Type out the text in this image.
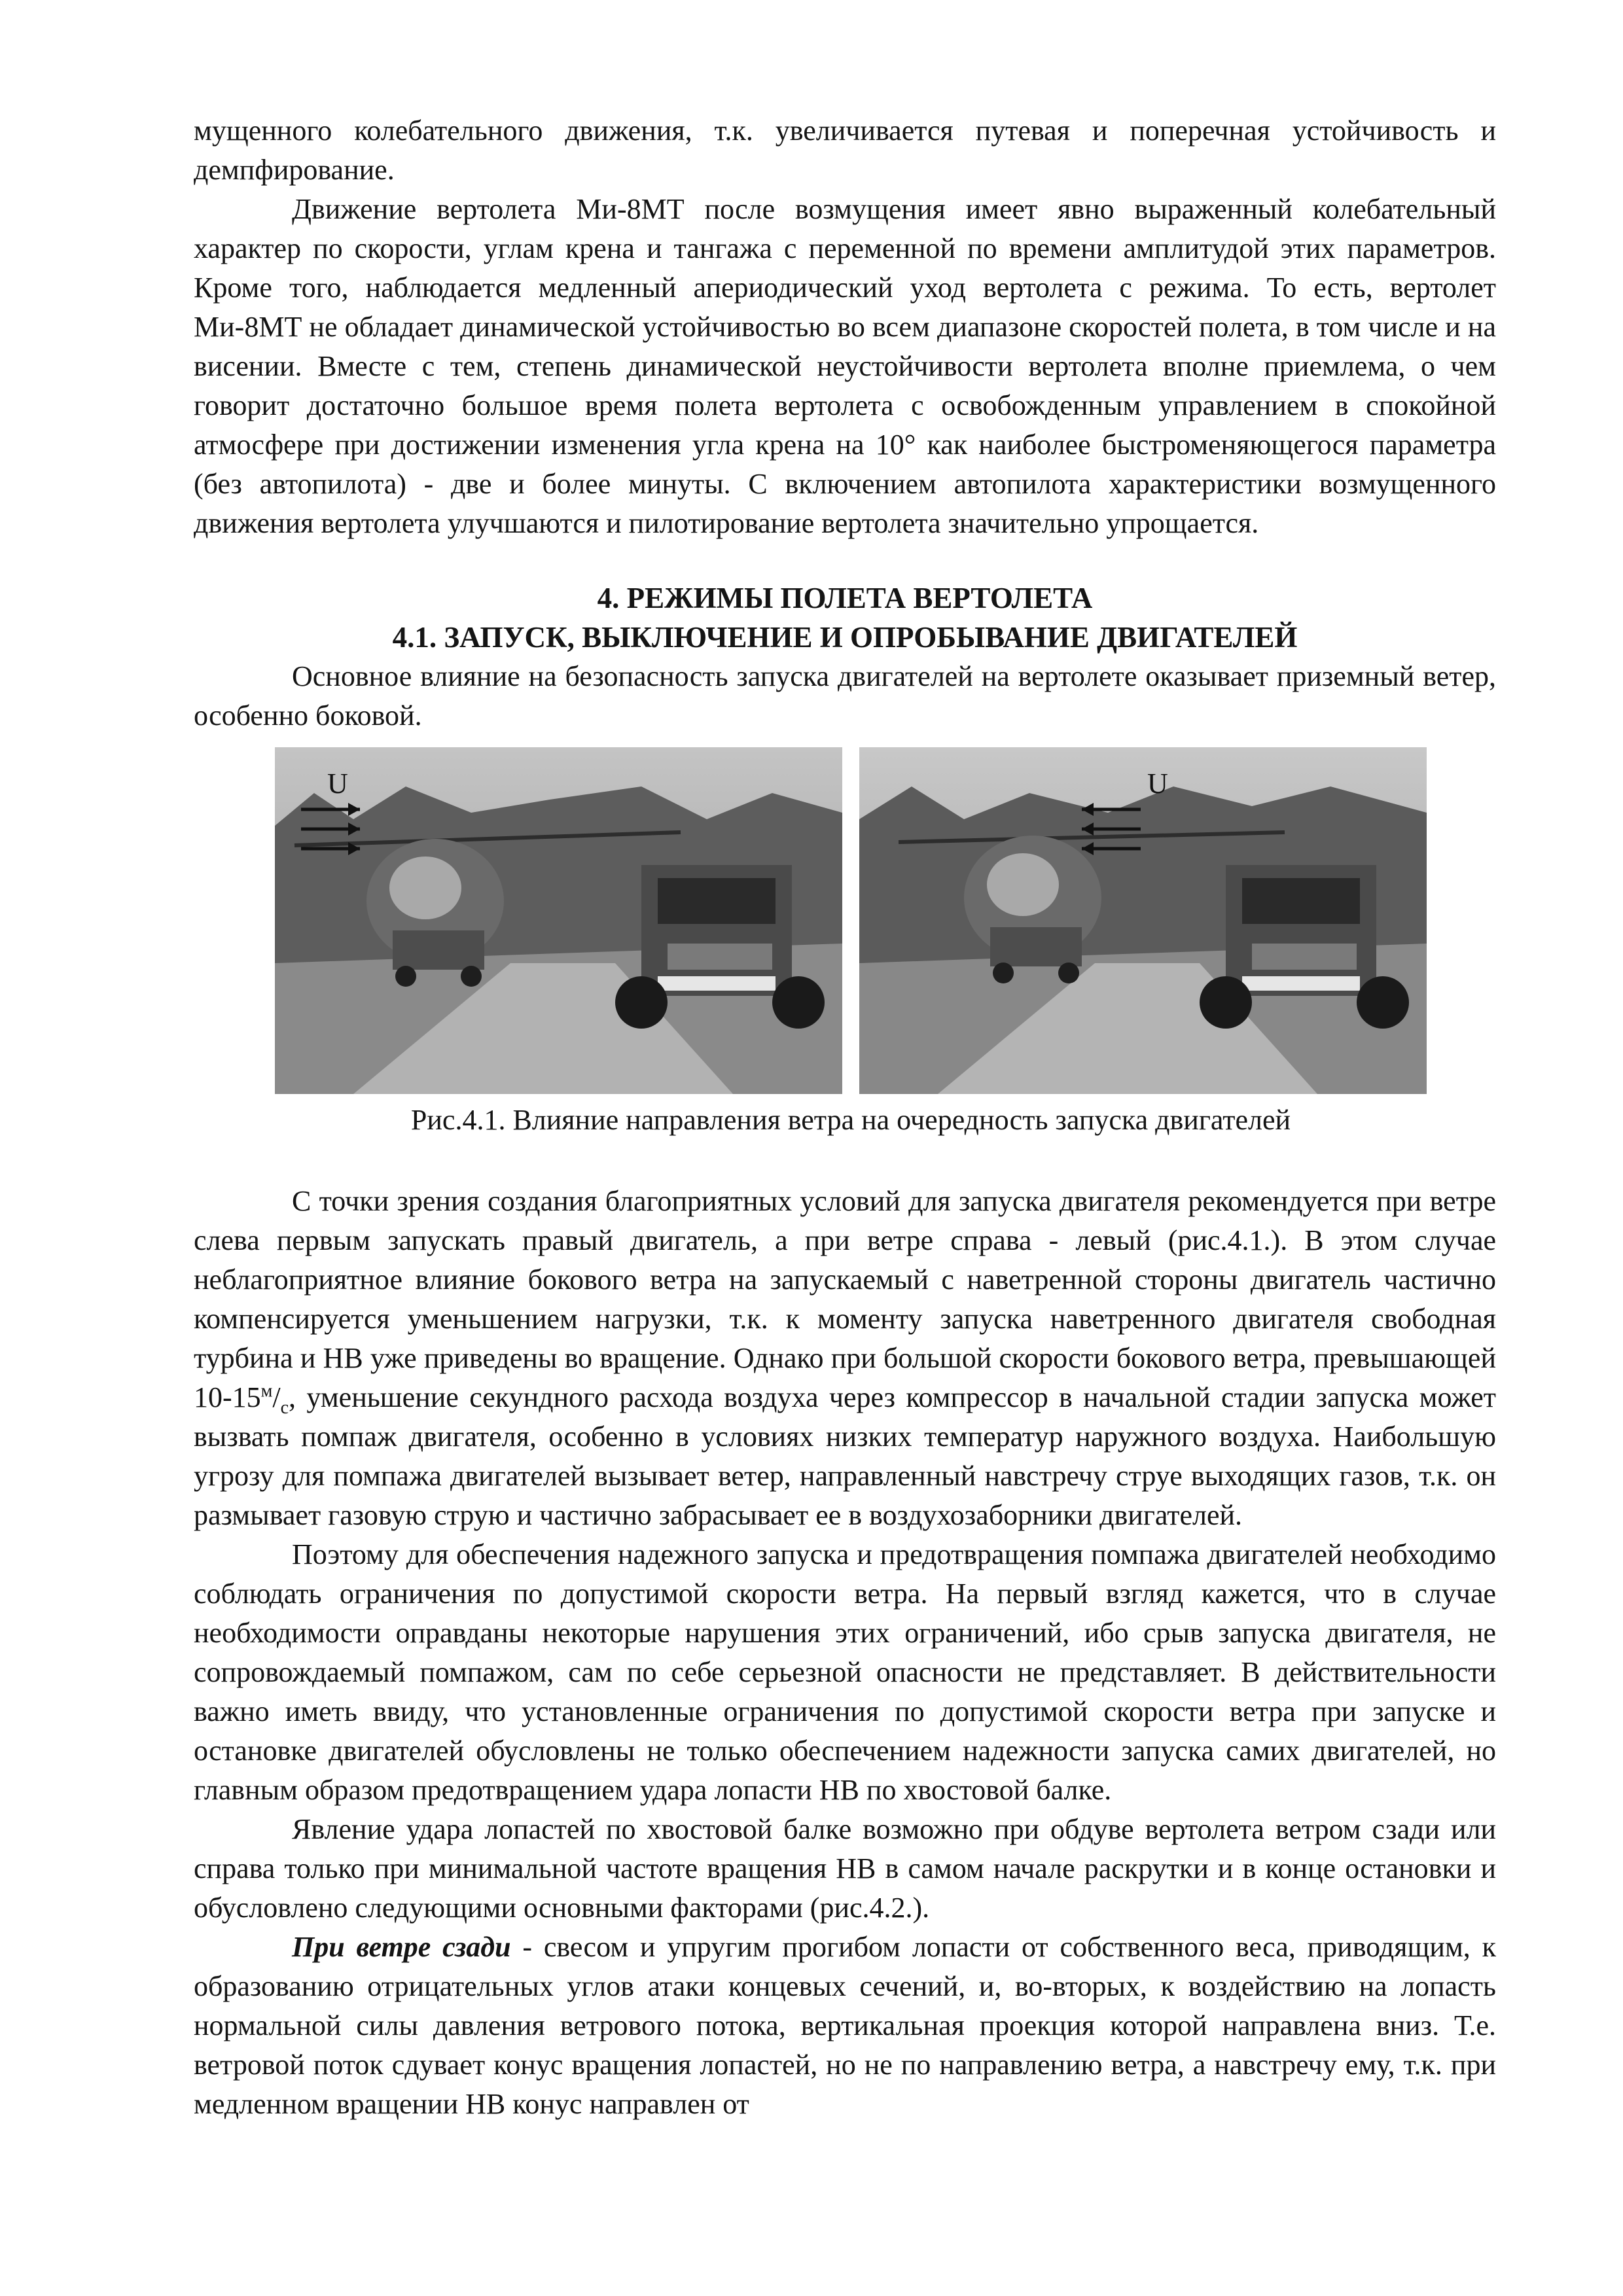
мущенного колебательного движения, т.к. увеличивается путевая и поперечная устойчивость и демпфирование.

Движение вертолета Ми-8МТ после возмущения имеет явно выраженный колебательный характер по скорости, углам крена и тангажа с переменной по времени амплитудой этих параметров. Кроме того, наблюдается медленный апериодический уход вертолета с режима. То есть, вертолет Ми-8МТ не обладает динамической устойчивостью во всем диапазоне скоростей полета, в том числе и на висении. Вместе с тем, степень динамической неустойчивости вертолета вполне приемлема, о чем говорит достаточно большое время полета вертолета с освобожденным управлением в спокойной атмосфере при достижении изменения угла крена на 10° как наиболее быстроменяющегося параметра (без автопилота) - две и более минуты. С включением автопилота характеристики возмущенного движения вертолета улучшаются и пилотирование вертолета значительно упрощается.

4. РЕЖИМЫ ПОЛЕТА ВЕРТОЛЕТА

4.1. ЗАПУСК, ВЫКЛЮЧЕНИЕ И ОПРОБЫВАНИЕ ДВИГАТЕЛЕЙ

Основное влияние на безопасность запуска двигателей на вертолете оказывает приземный ветер, особенно боковой.

U	U

Рис.4.1. Влияние направления ветра на очередность запуска двигателей

С точки зрения создания благоприятных условий для запуска двигателя рекомендуется при ветре слева первым запускать правый двигатель, а при ветре справа - левый (рис.4.1.). В этом случае неблагоприятное влияние бокового ветра на запускаемый с наветренной стороны двигатель частично компенсируется уменьшением нагрузки, т.к. к моменту запуска наветренного двигателя свободная турбина и НВ уже приведены во вращение. Однако при большой скорости бокового ветра, превышающей $10-15^м/_с$, уменьшение секундного расхода воздуха через компрессор в начальной стадии запуска может вызвать помпаж двигателя, особенно в условиях низких температур наружного воздуха. Наибольшую угрозу для помпажа двигателей вызывает ветер, направленный навстречу струе выходящих газов, т.к. он размывает газовую струю и частично забрасывает ее в воздухозаборники двигателей.

Поэтому для обеспечения надежного запуска и предотвращения помпажа двигателей необходимо соблюдать ограничения по допустимой скорости ветра. На первый взгляд кажется, что в случае необходимости оправданы некоторые нарушения этих ограничений, ибо срыв запуска двигателя, не сопровождаемый помпажом, сам по себе серьезной опасности не представляет. В действительности важно иметь ввиду, что установленные ограничения по допустимой скорости ветра при запуске и остановке двигателей обусловлены не только обеспечением надежности запуска самих двигателей, но главным образом предотвращением удара лопасти НВ по хвостовой балке.

Явление удара лопастей по хвостовой балке возможно при обдуве вертолета ветром сзади или справа только при минимальной частоте вращения НВ в самом начале раскрутки и в конце остановки и обусловлено следующими основными факторами (рис.4.2.).

При ветре сзади - свесом и упругим прогибом лопасти от собственного веса, приводящим, к образованию отрицательных углов атаки концевых сечений, и, во-вторых, к воздействию на лопасть нормальной силы давления ветрового потока, вертикальная проекция которой направлена вниз. Т.е. ветровой поток сдувает конус вращения лопастей, но не по направлению ветра, а навстречу ему, т.к. при медленном вращении НВ конус направлен от
